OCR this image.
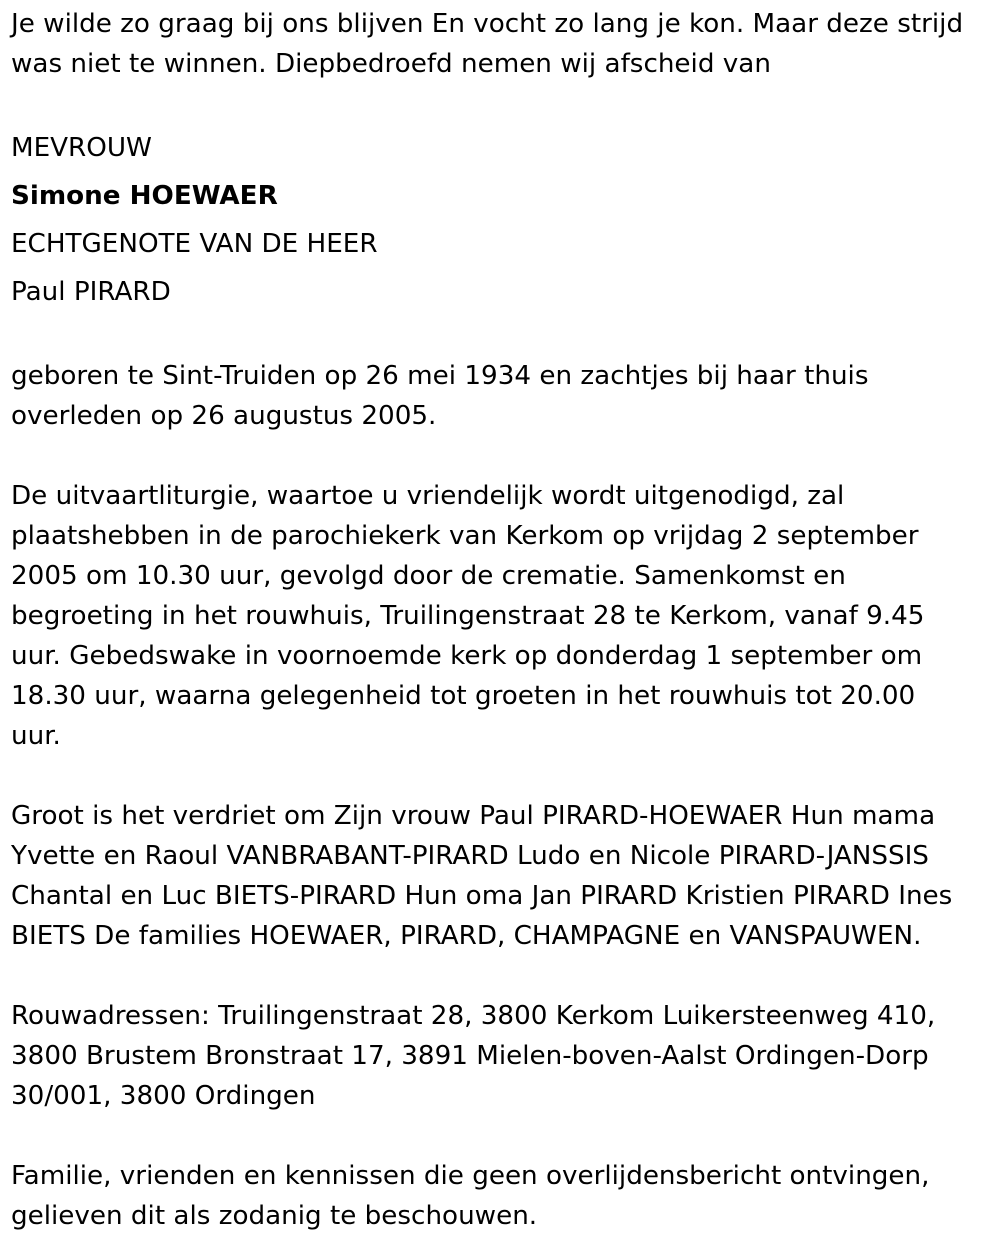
Je wilde zo graag bij ons blijven En vocht zo lang je kon. Maar deze strijd

was niet te winnen. Diepbedroefd nemen wij afscheid van

MEVROUW

Simone HOEWAER

ECHTGENOTE VAN DE HEER

Paul PIRARD

geboren te Sint-Truiden op 26 mei 1934 en zachtjes bij haar thuis

overleden op 26 augustus 2005.

De uitvaartliturgie, waartoe u vriendelijk wordt uitgenodigd, zal

plaatshebben in de parochiekerk van Kerkom op vrijdag 2 september

2005 om 10.30 uur, gevolgd door de crematie. Samenkomst en

begroeting in het rouwhuis, Truilingenstraat 28 te Kerkom, vanaf 9.45

uur. Gebedswake in voornoemde kerk op donderdag 1 september om

18.30 uur, waarna gelegenheid tot groeten in het rouwhuis tot 20.00

uur.

Groot is het verdriet om Zijn vrouw Paul PIRARD-HOEWAER Hun mama

Yvette en Raoul VANBRABANT-PIRARD Ludo en Nicole PIRARD-JANSSIS

Chantal en Luc BIETS-PIRARD Hun oma Jan PIRARD Kristien PIRARD Ines

BIETS De families HOEWAER, PIRARD, CHAMPAGNE en VANSPAUWEN.

Rouwadressen: Truilingenstraat 28, 3800 Kerkom Luikersteenweg 410,

3800 Brustem Bronstraat 17, 3891 Mielen-boven-Aalst Ordingen-Dorp

30/001, 3800 Ordingen

Familie, vrienden en kennissen die geen overlijdensbericht ontvingen,

gelieven dit als zodanig te beschouwen.
